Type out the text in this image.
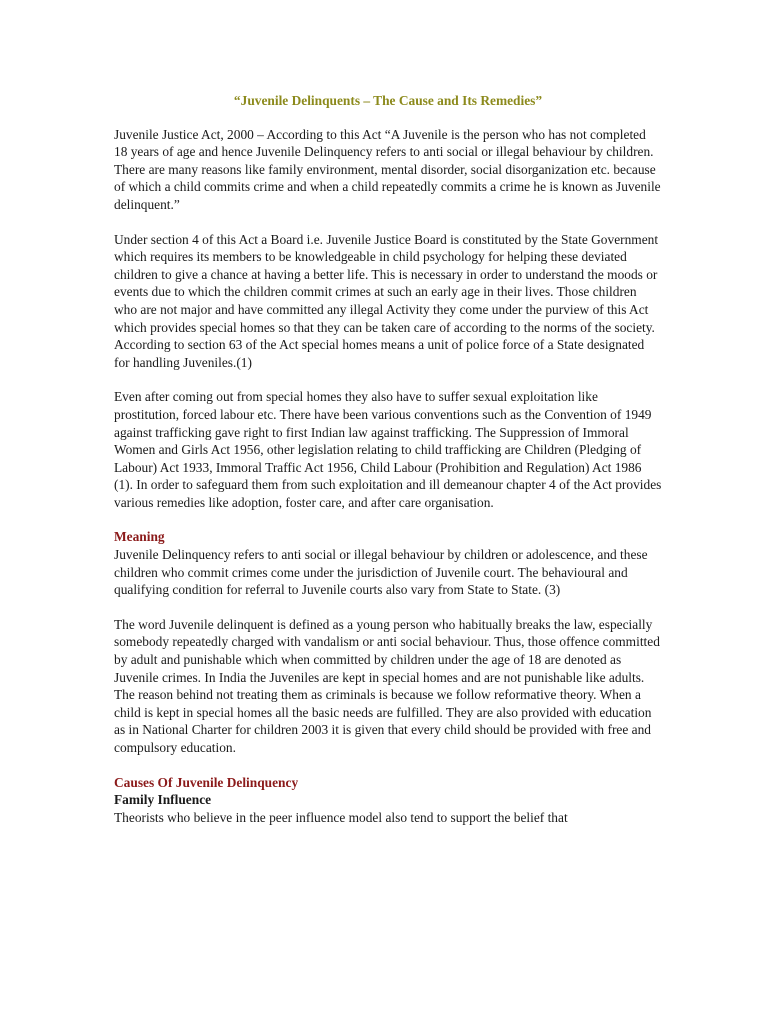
“Juvenile Delinquents – The Cause and Its Remedies”

Juvenile Justice Act, 2000 – According to this Act “A Juvenile is the person who has not completed 18 years of age and hence Juvenile Delinquency refers to anti social or illegal behaviour by children. There are many reasons like family environment, mental disorder, social disorganization etc. because of which a child commits crime and when a child repeatedly commits a crime he is known as Juvenile delinquent.”

Under section 4 of this Act a Board i.e. Juvenile Justice Board is constituted by the State Government which requires its members to be knowledgeable in child psychology for helping these deviated children to give a chance at having a better life. This is necessary in order to understand the moods or events due to which the children commit crimes at such an early age in their lives. Those children who are not major and have committed any illegal Activity they come under the purview of this Act which provides special homes so that they can be taken care of according to the norms of the society. According to section 63 of the Act special homes means a unit of police force of a State designated for handling Juveniles.(1)

Even after coming out from special homes they also have to suffer sexual exploitation like prostitution, forced labour etc. There have been various conventions such as the Convention of 1949 against trafficking gave right to first Indian law against trafficking. The Suppression of Immoral Women and Girls Act 1956, other legislation relating to child trafficking are Children (Pledging of Labour) Act 1933, Immoral Traffic Act 1956, Child Labour (Prohibition and Regulation) Act 1986 (1). In order to safeguard them from such exploitation and ill demeanour chapter 4 of the Act provides various remedies like adoption, foster care, and after care organisation.

Meaning

Juvenile Delinquency refers to anti social or illegal behaviour by children or adolescence, and these children who commit crimes come under the jurisdiction of Juvenile court. The behavioural and qualifying condition for referral to Juvenile courts also vary from State to State. (3)

The word Juvenile delinquent is defined as a young person who habitually breaks the law, especially somebody repeatedly charged with vandalism or anti social behaviour. Thus, those offence committed by adult and punishable which when committed by children under the age of 18 are denoted as Juvenile crimes. In India the Juveniles are kept in special homes and are not punishable like adults. The reason behind not treating them as criminals is because we follow reformative theory. When a child is kept in special homes all the basic needs are fulfilled. They are also provided with education as in National Charter for children 2003 it is given that every child should be provided with free and compulsory education.

Causes Of Juvenile Delinquency
Family Influence

Theorists who believe in the peer influence model also tend to support the belief that
